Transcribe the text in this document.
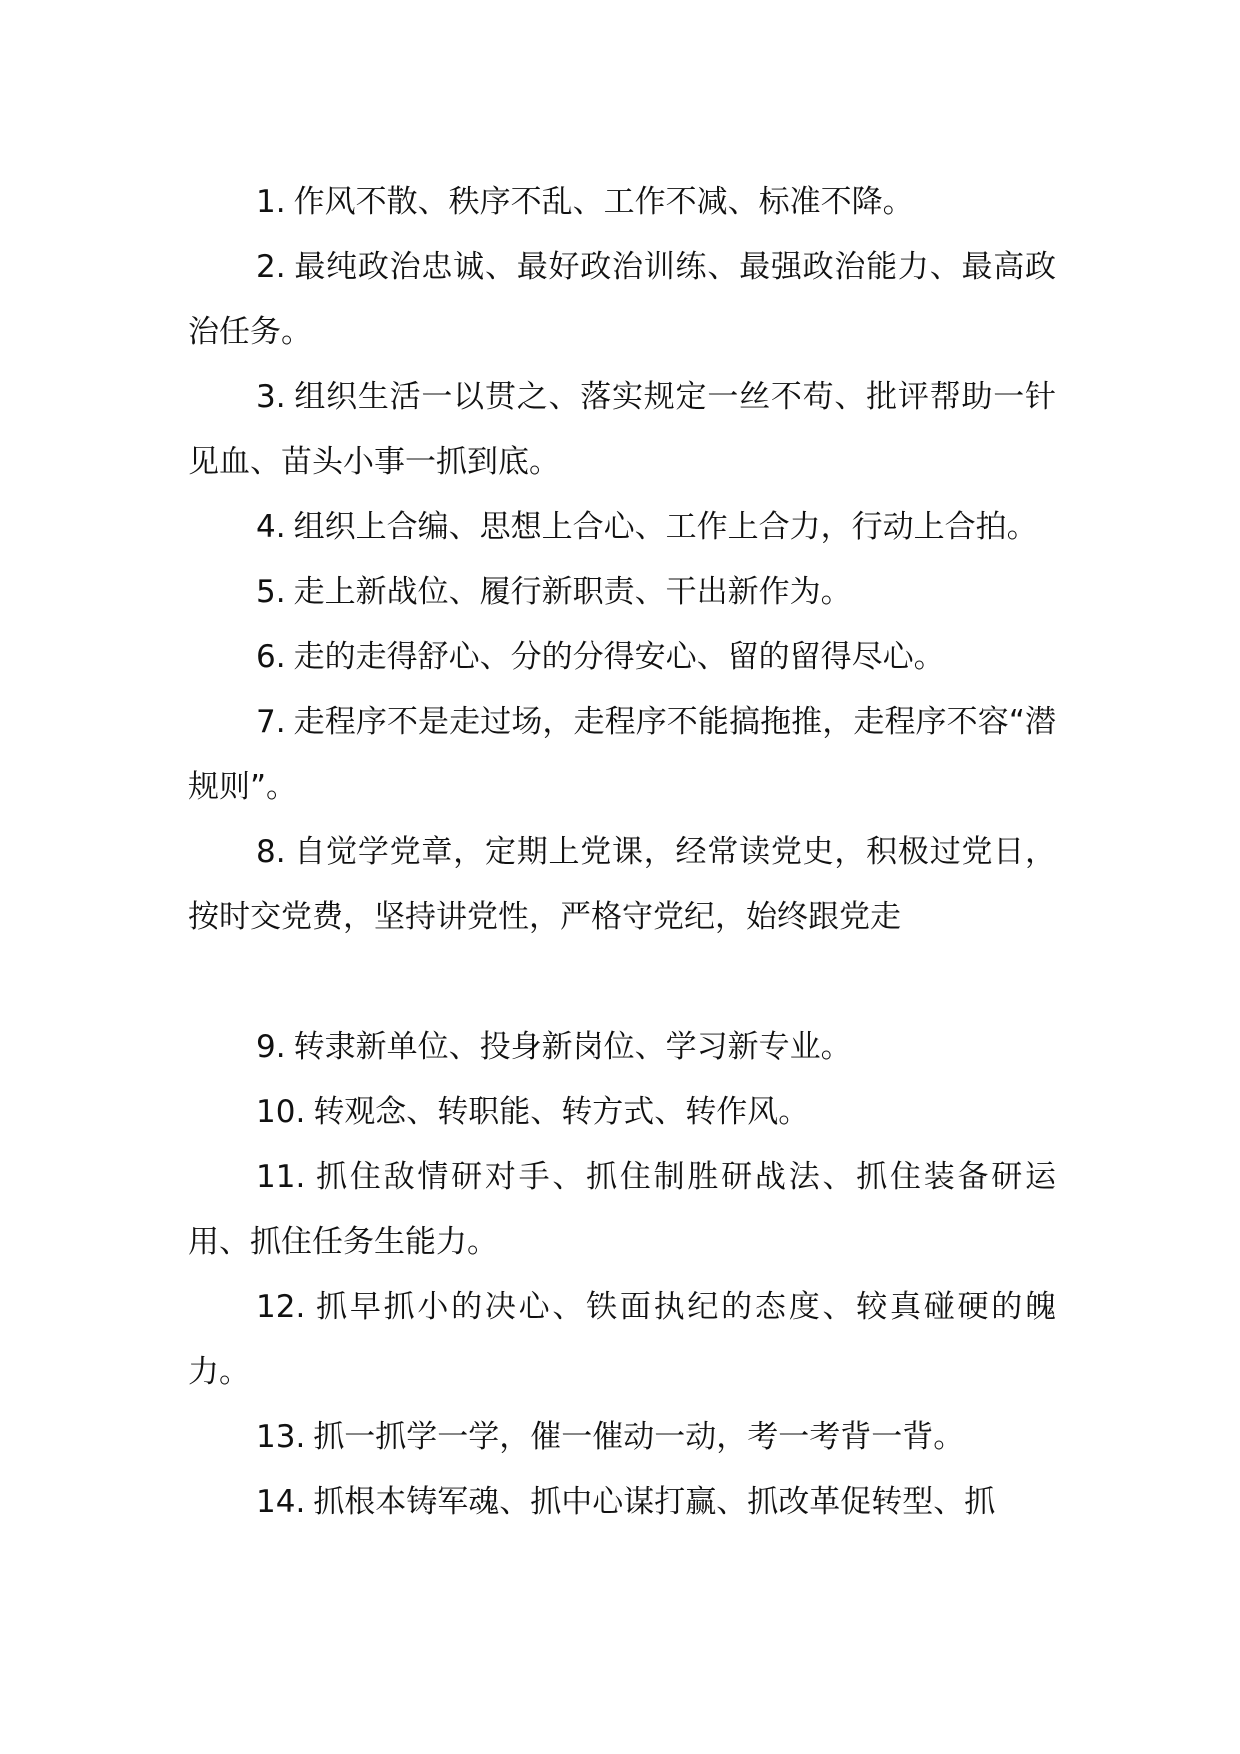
1. 作风不散、秩序不乱、工作不减、标准不降。

2. 最纯政治忠诚、最好政治训练、最强政治能力、最高政治任务。

3. 组织生活一以贯之、落实规定一丝不苟、批评帮助一针见血、苗头小事一抓到底。

4. 组织上合编、思想上合心、工作上合力，行动上合拍。

5. 走上新战位、履行新职责、干出新作为。

6. 走的走得舒心、分的分得安心、留的留得尽心。

7. 走程序不是走过场，走程序不能搞拖推，走程序不容“潜规则”。

8. 自觉学党章，定期上党课，经常读党史，积极过党日，按时交党费，坚持讲党性，严格守党纪，始终跟党走

9. 转隶新单位、投身新岗位、学习新专业。

10. 转观念、转职能、转方式、转作风。

11. 抓住敌情研对手、抓住制胜研战法、抓住装备研运用、抓住任务生能力。

12. 抓早抓小的决心、铁面执纪的态度、较真碰硬的魄力。

13. 抓一抓学一学，催一催动一动，考一考背一背。

14. 抓根本铸军魂、抓中心谋打赢、抓改革促转型、抓
